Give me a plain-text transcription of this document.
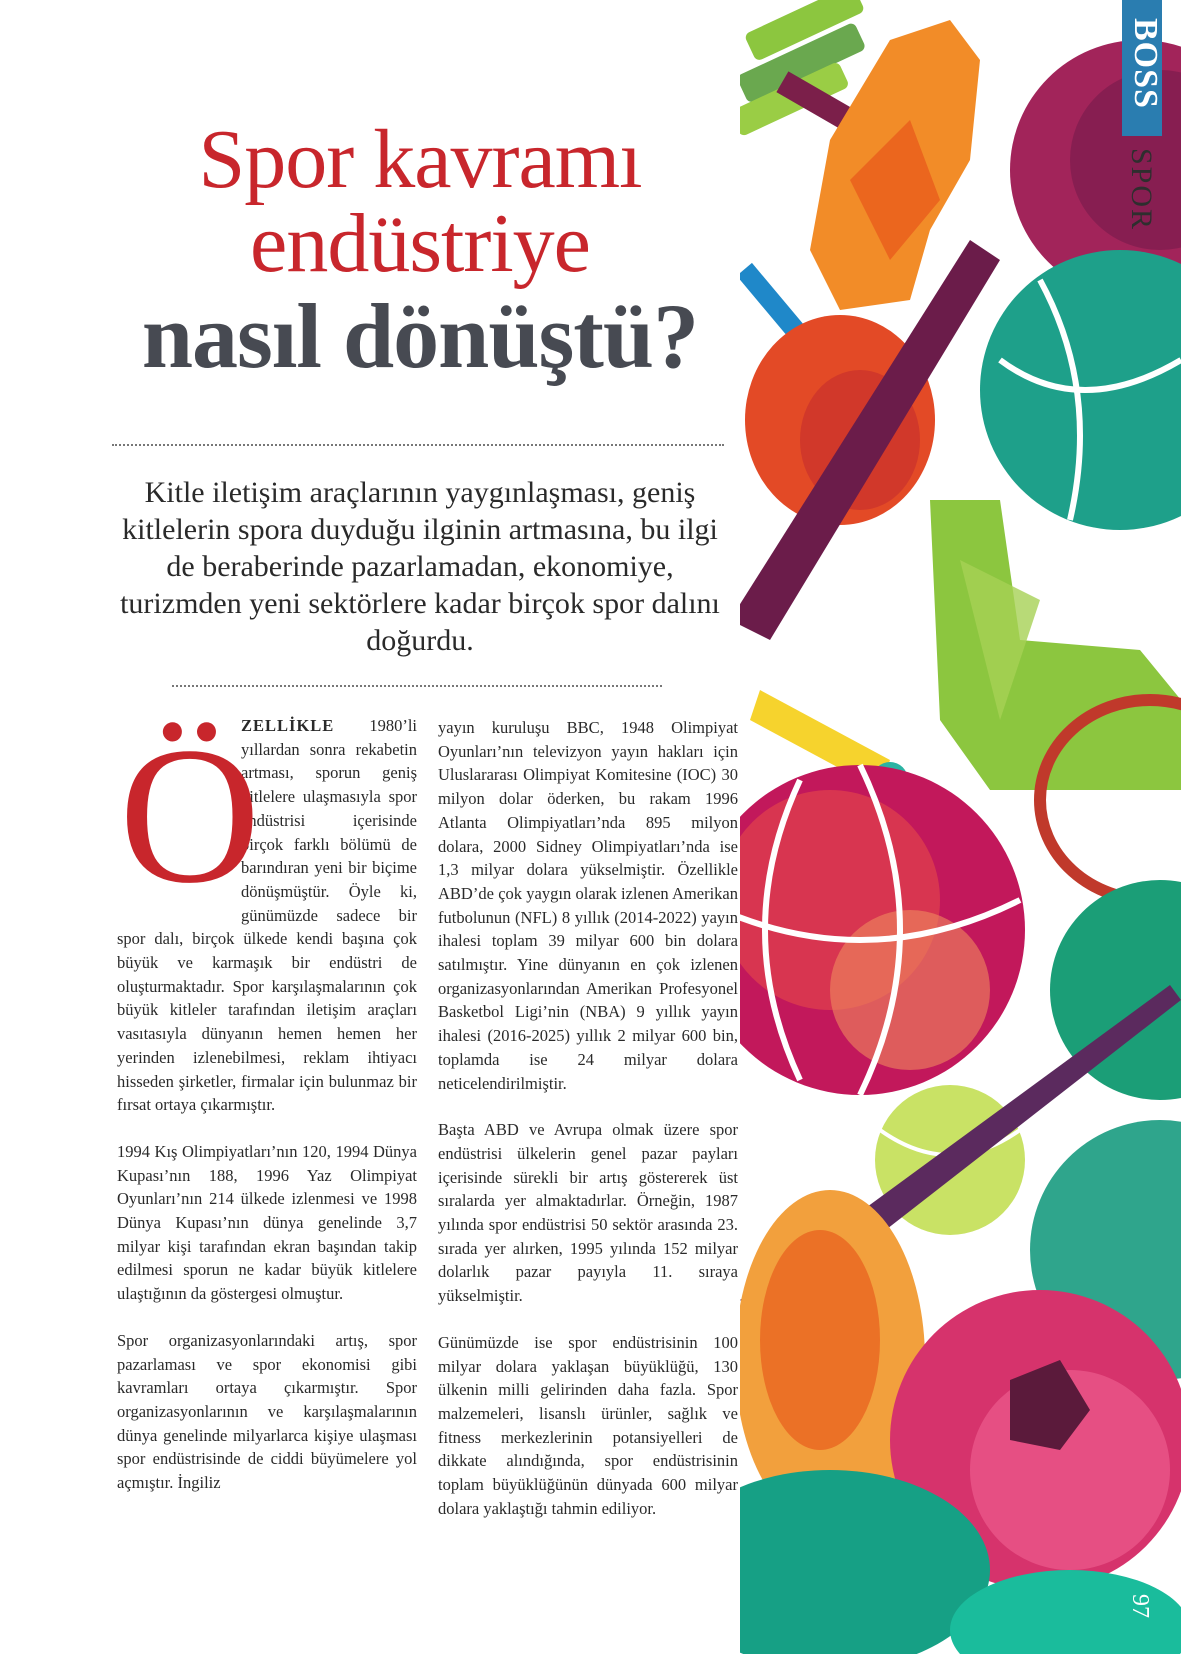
Spor kavramı
endüstriye
nasıl dönüştü?
Kitle iletişim araçlarının yaygınlaşması, geniş kitlelerin spora duyduğu ilginin artmasına, bu ilgi de beraberinde pazarlamadan, ekonomiye, turizmden yeni sektörlere kadar birçok spor dalını doğurdu.
Ö

ZELLİKLE 1980’li yıllardan sonra rekabetin artması, sporun geniş kitlelere ulaşmasıyla spor endüstrisi içerisinde birçok farklı bölümü de barındıran yeni bir biçime dönüşmüştür. Öyle ki, günümüzde sadece bir spor dalı, birçok ülkede kendi başına çok büyük ve karmaşık bir endüstri de oluşturmaktadır. Spor karşılaşmalarının çok büyük kitleler tarafından iletişim araçları vasıtasıyla dünyanın hemen hemen her yerinden izlenebilmesi, reklam ihtiyacı hisseden şirketler, firmalar için bulunmaz bir fırsat ortaya çıkarmıştır.

1994 Kış Olimpiyatları’nın 120, 1994 Dünya Kupası’nın 188, 1996 Yaz Olimpiyat Oyunları’nın 214 ülkede izlenmesi ve 1998 Dünya Kupası’nın dünya genelinde 3,7 milyar kişi tarafından ekran başından takip edilmesi sporun ne kadar büyük kitlelere ulaştığının da göstergesi olmuştur.

Spor organizasyonlarındaki artış, spor pazarlaması ve spor ekonomisi gibi kavramları ortaya çıkarmıştır. Spor organizasyonlarının ve karşılaşmalarının dünya genelinde milyarlarca kişiye ulaşması spor endüstrisinde de ciddi büyümelere yol açmıştır. İngiliz

yayın kuruluşu BBC, 1948 Olimpiyat Oyunları’nın televizyon yayın hakları için Uluslararası Olimpiyat Komitesine (IOC) 30 milyon dolar öderken, bu rakam 1996 Atlanta Olimpiyatları’nda 895 milyon dolara, 2000 Sidney Olimpiyatları’nda ise 1,3 milyar dolara yükselmiştir. Özellikle ABD’de çok yaygın olarak izlenen Amerikan futbolunun (NFL) 8 yıllık (2014-2022) yayın ihalesi toplam 39 milyar 600 bin dolara satılmıştır. Yine dünyanın en çok izlenen organizasyonlarından Amerikan Profesyonel Basketbol Ligi’nin (NBA) 9 yıllık yayın ihalesi (2016-2025) yıllık 2 milyar 600 bin, toplamda ise 24 milyar dolara neticelendirilmiştir.

Başta ABD ve Avrupa olmak üzere spor endüstrisi ülkelerin genel pazar payları içerisinde sürekli bir artış göstererek üst sıralarda yer almaktadırlar. Örneğin, 1987 yılında spor endüstrisi 50 sektör arasında 23. sırada yer alırken, 1995 yılında 152 milyar dolarlık pazar payıyla 11. sıraya yükselmiştir.

Günümüzde ise spor endüstrisinin 100 milyar dolara yaklaşan büyüklüğü, 130 ülkenin milli gelirinden daha fazla. Spor malzemeleri, lisanslı ürünler, sağlık ve fitness merkezlerinin potansiyelleri de dikkate alındığında, spor endüstrisinin toplam büyüklüğünün dünyada 600 milyar dolara yaklaştığı tahmin ediliyor.

BOSS
SPOR
97
